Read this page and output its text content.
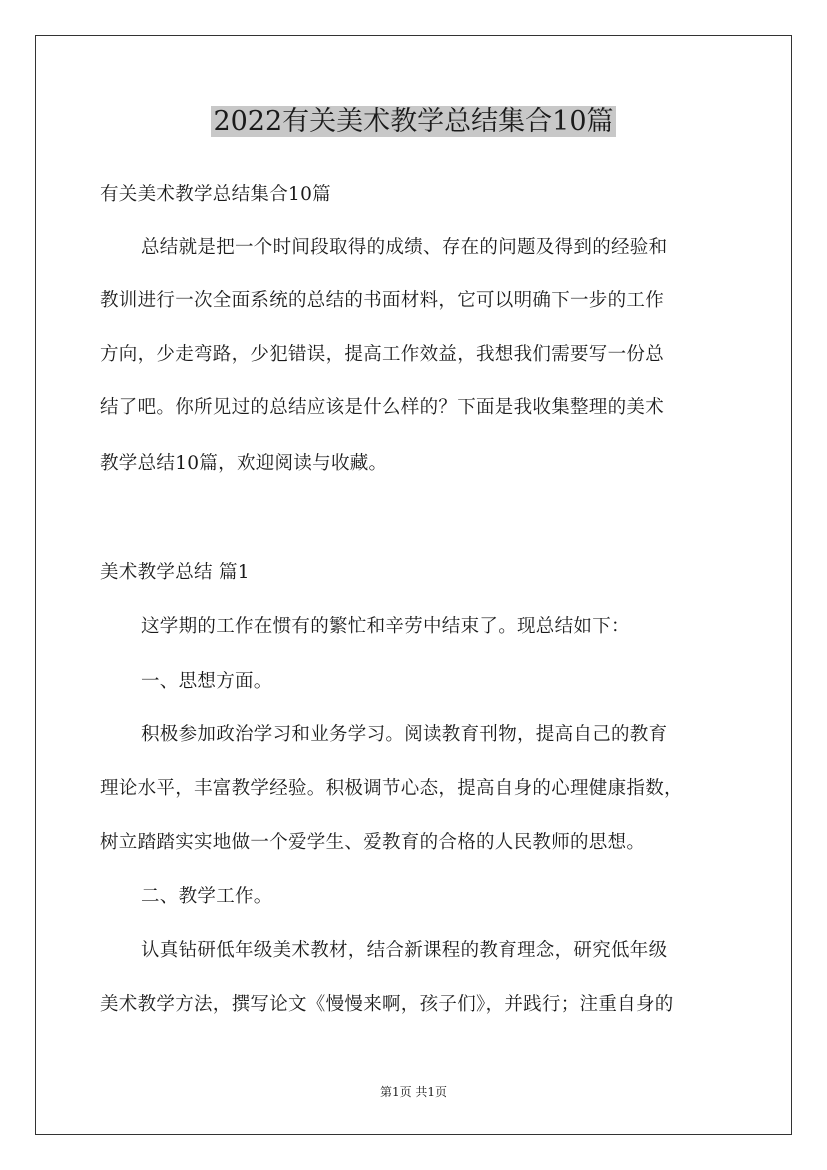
2022有关美术教学总结集合10篇
有关美术教学总结集合10篇
总结就是把一个时间段取得的成绩、存在的问题及得到的经验和
教训进行一次全面系统的总结的书面材料，它可以明确下一步的工作
方向，少走弯路，少犯错误，提高工作效益，我想我们需要写一份总
结了吧。你所见过的总结应该是什么样的？下面是我收集整理的美术
教学总结10篇，欢迎阅读与收藏。
美术教学总结 篇1
这学期的工作在惯有的繁忙和辛劳中结束了。现总结如下：
一、思想方面。
积极参加政治学习和业务学习。阅读教育刊物，提高自己的教育
理论水平，丰富教学经验。积极调节心态，提高自身的心理健康指数，
树立踏踏实实地做一个爱学生、爱教育的合格的人民教师的思想。
二、教学工作。
认真钻研低年级美术教材，结合新课程的教育理念，研究低年级
美术教学方法，撰写论文《慢慢来啊，孩子们》，并践行；注重自身的
第1页 共1页
